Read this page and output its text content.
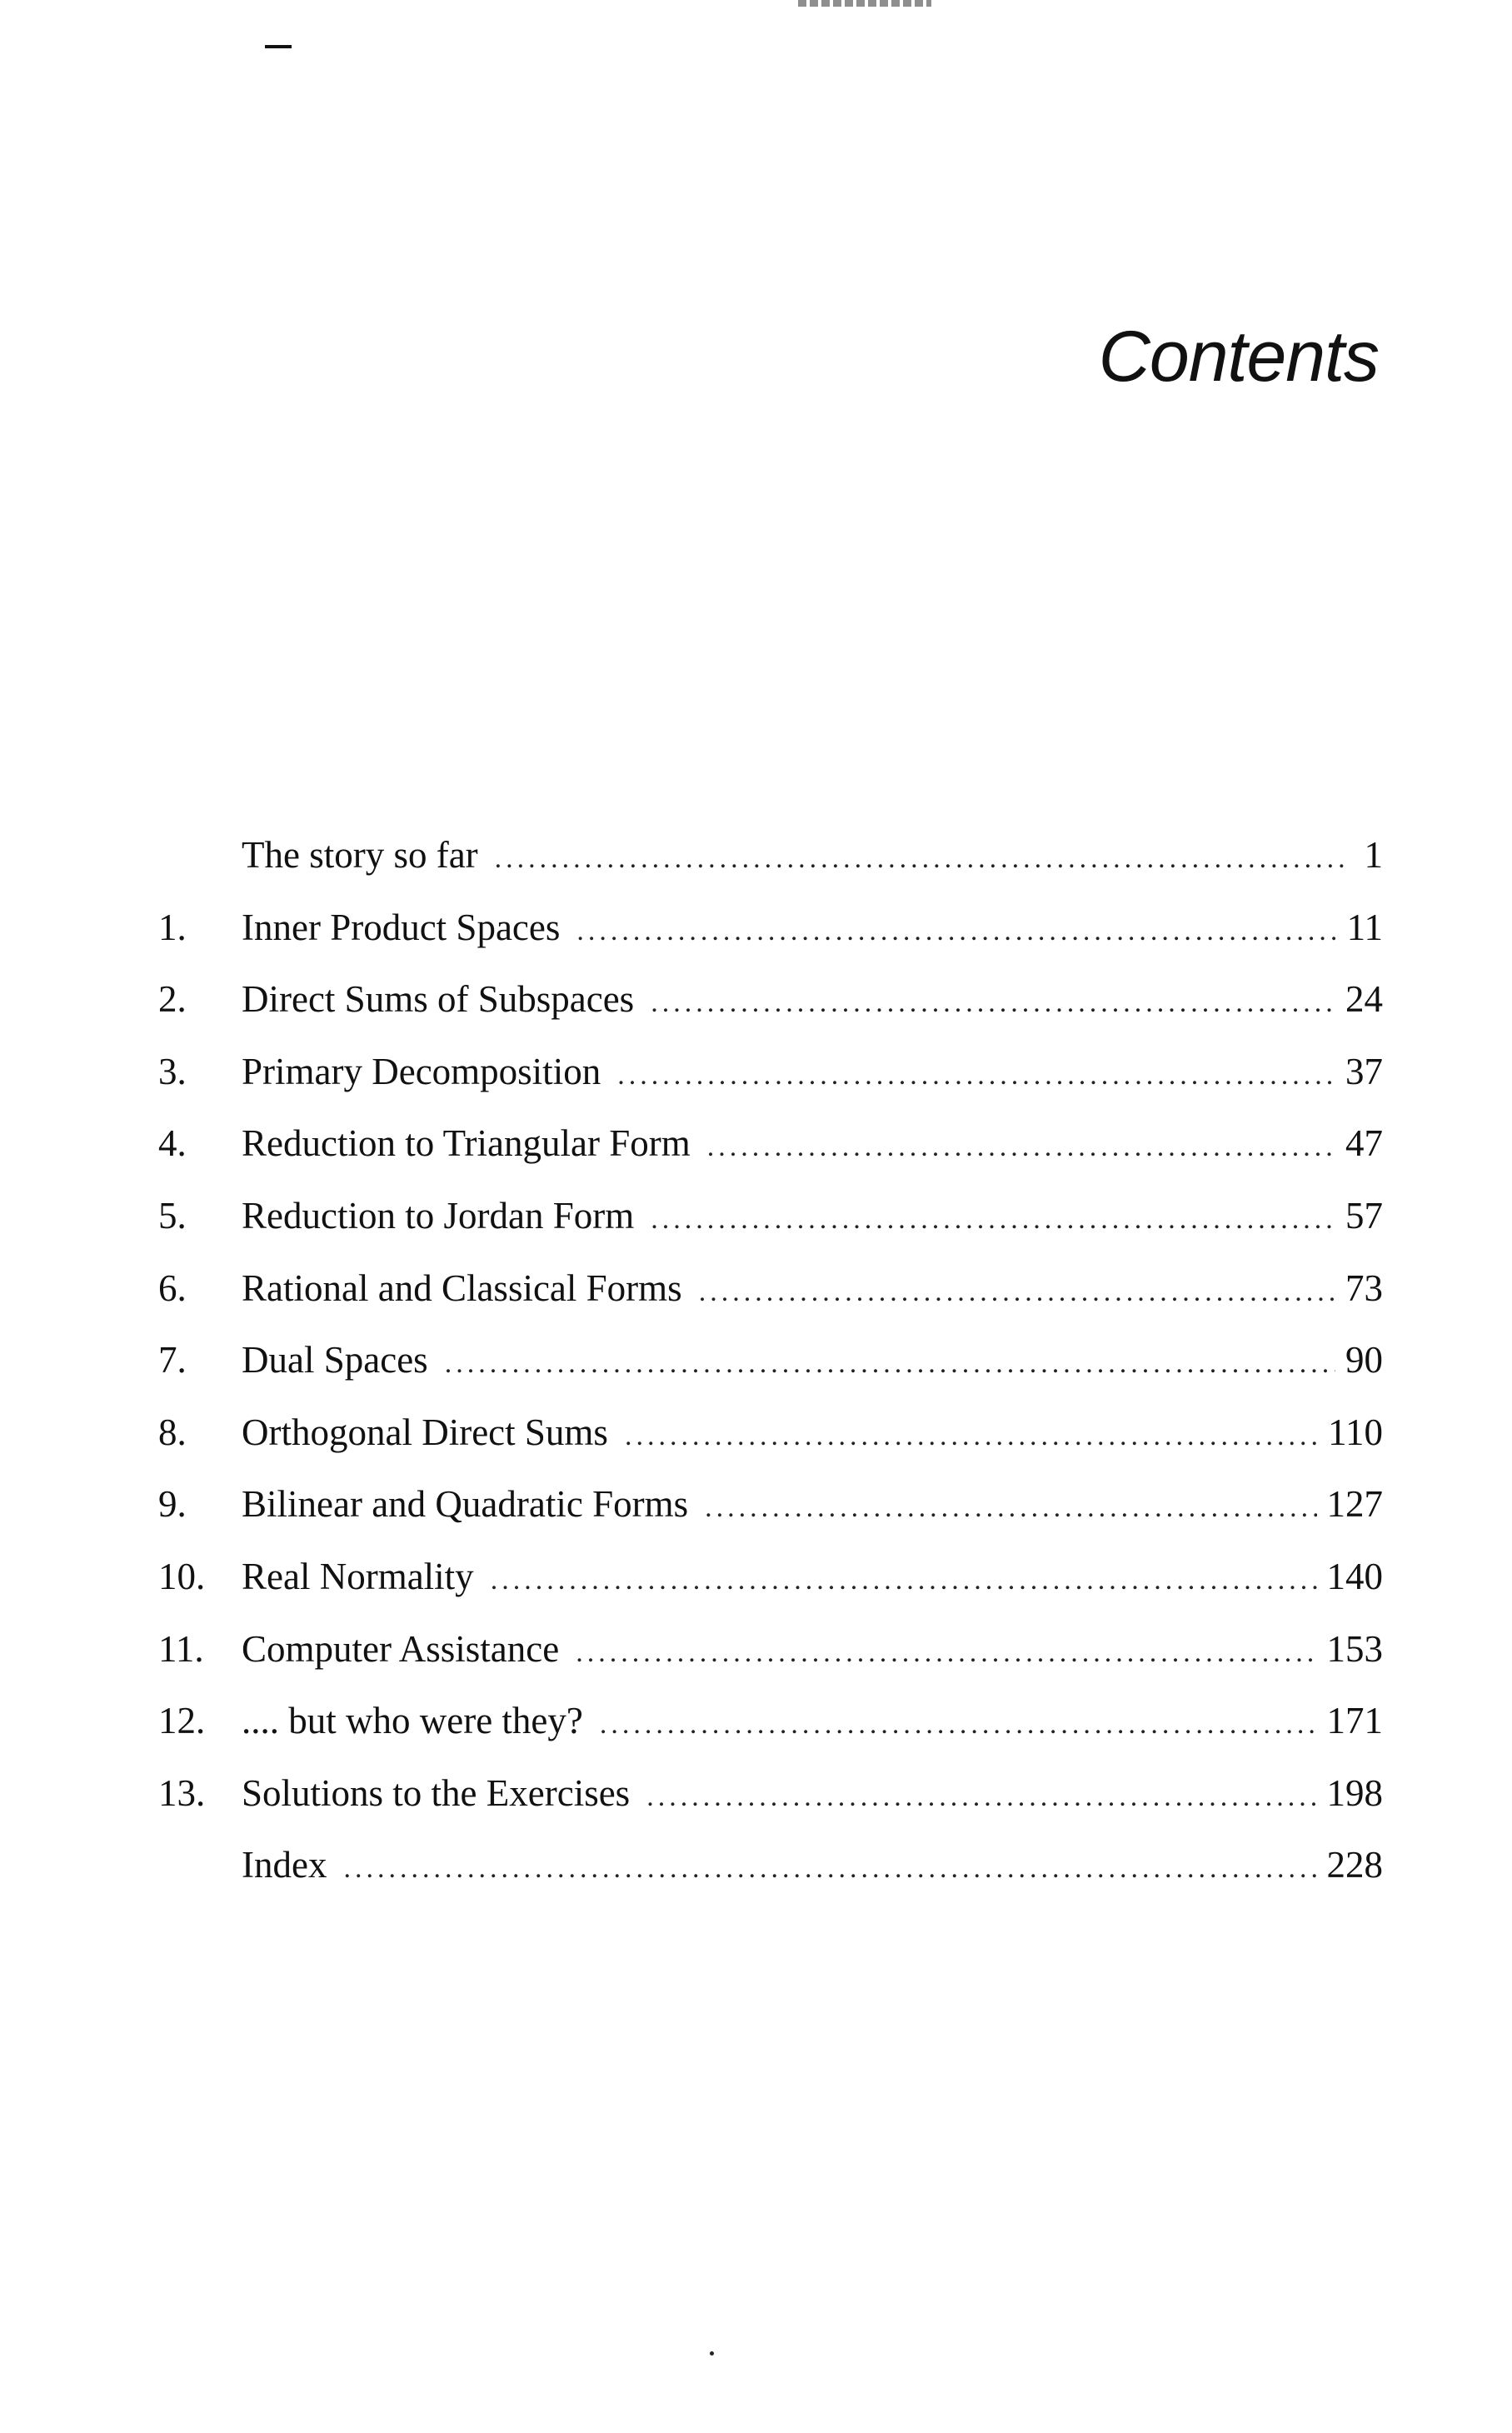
Contents
The story so far .....	1
1.	Inner Product Spaces .....	11
2.	Direct Sums of Subspaces .....	24
3.	Primary Decomposition .....	37
4.	Reduction to Triangular Form .....	47
5.	Reduction to Jordan Form .....	57
6.	Rational and Classical Forms .....	73
7.	Dual Spaces .....	90
8.	Orthogonal Direct Sums .....	110
9.	Bilinear and Quadratic Forms .....	127
10. Real Normality .....	140
11.	Computer Assistance .....	153
12. .... but who were they? .....	171
13. Solutions to the Exercises .....	198
Index .....	228
